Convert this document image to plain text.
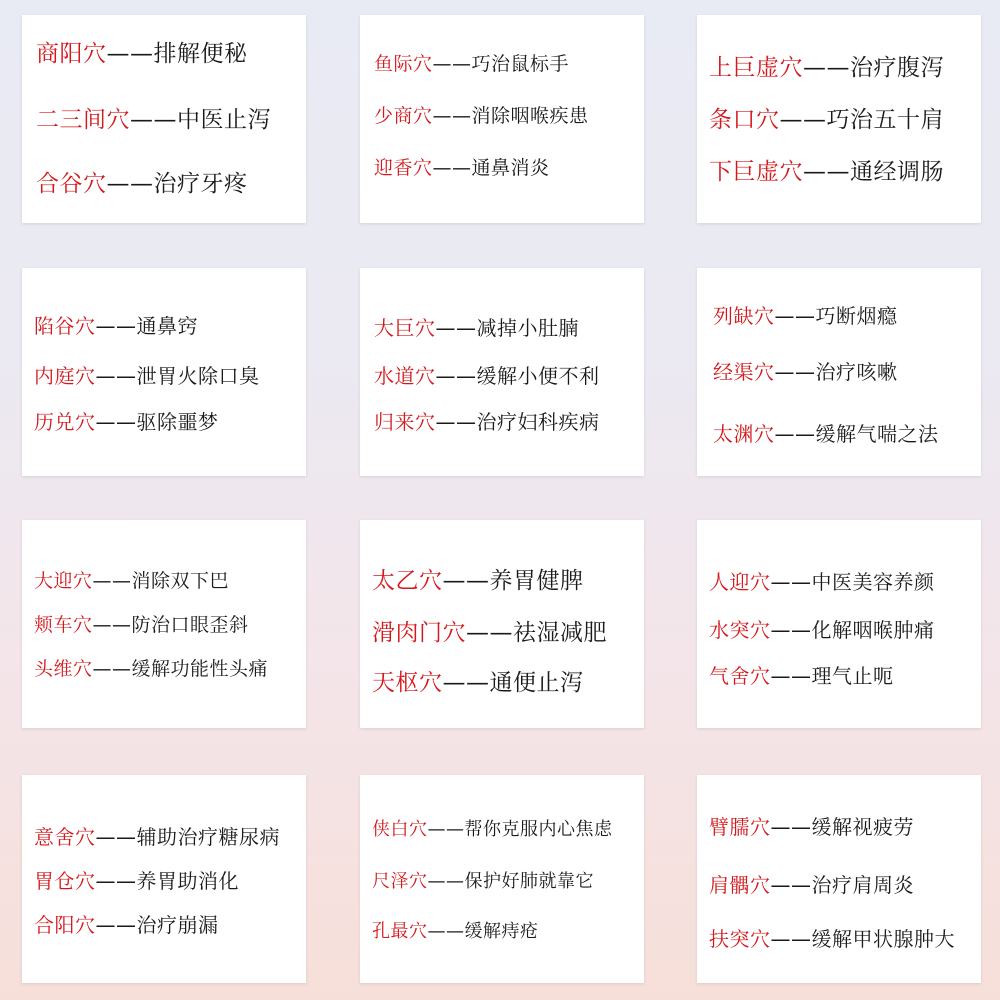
商阳穴——排解便秘
二三间穴——中医止泻
合谷穴——治疗牙疼
鱼际穴——巧治鼠标手
少商穴——消除咽喉疾患
迎香穴——通鼻消炎
上巨虚穴——治疗腹泻
条口穴——巧治五十肩
下巨虚穴——通经调肠
陷谷穴——通鼻窍
内庭穴——泄胃火除口臭
历兑穴——驱除噩梦
大巨穴——减掉小肚腩
水道穴——缓解小便不利
归来穴——治疗妇科疾病
列缺穴——巧断烟瘾
经渠穴——治疗咳嗽
太渊穴——缓解气喘之法
大迎穴——消除双下巴
颊车穴——防治口眼歪斜
头维穴——缓解功能性头痛
太乙穴——养胃健脾
滑肉门穴——祛湿减肥
天枢穴——通便止泻
人迎穴——中医美容养颜
水突穴——化解咽喉肿痛
气舍穴——理气止呃
意舍穴——辅助治疗糖尿病
胃仓穴——养胃助消化
合阳穴——治疗崩漏
侠白穴——帮你克服内心焦虑
尺泽穴——保护好肺就靠它
孔最穴——缓解痔疮
臂臑穴——缓解视疲劳
肩髃穴——治疗肩周炎
扶突穴——缓解甲状腺肿大
